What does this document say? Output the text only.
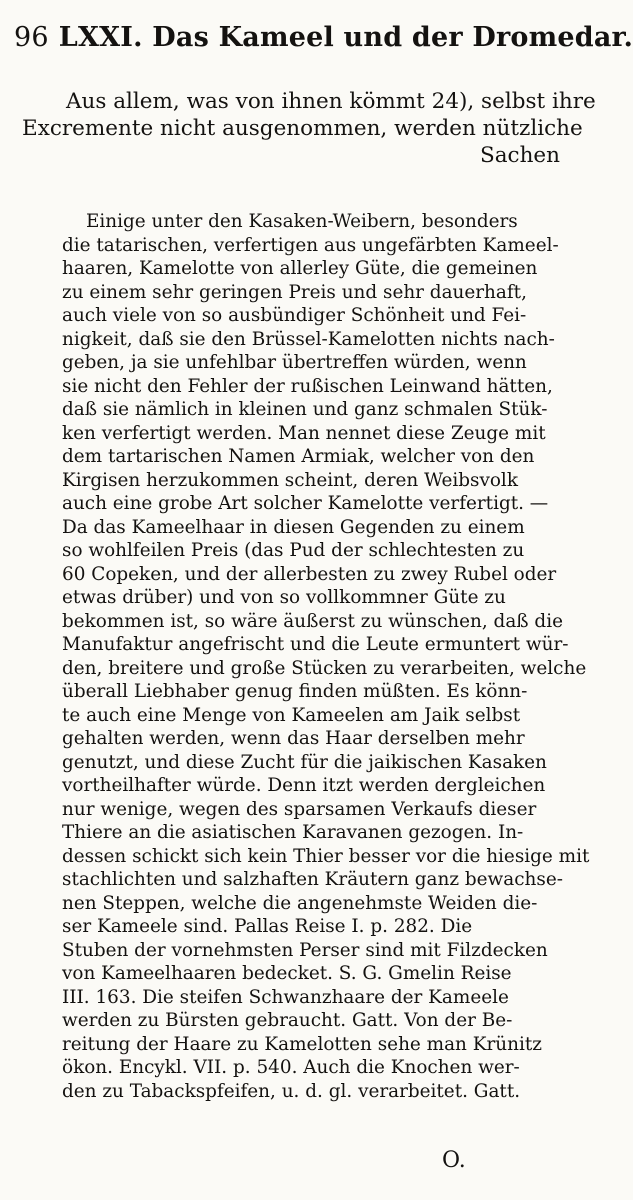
96 LXXI. Das Kameel und der Dromedar.
Aus allem, was von ihnen kömmt 24), selbst ihre
Excremente nicht ausgenommen, werden nützliche
Sachen
Einige unter den Kasaken-Weibern, besonders
die tatarischen, verfertigen aus ungefärbten Kameel-
haaren, Kamelotte von allerley Güte, die gemeinen
zu einem sehr geringen Preis und sehr dauerhaft,
auch viele von so ausbündiger Schönheit und Fei-
nigkeit, daß sie den Brüssel-Kamelotten nichts nach-
geben, ja sie unfehlbar übertreffen würden, wenn
sie nicht den Fehler der rußischen Leinwand hätten,
daß sie nämlich in kleinen und ganz schmalen Stük-
ken verfertigt werden. Man nennet diese Zeuge mit
dem tartarischen Namen Armiak, welcher von den
Kirgisen herzukommen scheint, deren Weibsvolk
auch eine grobe Art solcher Kamelotte verfertigt. —
Da das Kameelhaar in diesen Gegenden zu einem
so wohlfeilen Preis (das Pud der schlechtesten zu
60 Copeken, und der allerbesten zu zwey Rubel oder
etwas drüber) und von so vollkommner Güte zu
bekommen ist, so wäre äußerst zu wünschen, daß die
Manufaktur angefrischt und die Leute ermuntert wür-
den, breitere und große Stücken zu verarbeiten, welche
überall Liebhaber genug finden müßten. Es könn-
te auch eine Menge von Kameelen am Jaik selbst
gehalten werden, wenn das Haar derselben mehr
genutzt, und diese Zucht für die jaikischen Kasaken
vortheilhafter würde. Denn itzt werden dergleichen
nur wenige, wegen des sparsamen Verkaufs dieser
Thiere an die asiatischen Karavanen gezogen. In-
dessen schickt sich kein Thier besser vor die hiesige mit
stachlichten und salzhaften Kräutern ganz bewachse-
nen Steppen, welche die angenehmste Weiden die-
ser Kameele sind. Pallas Reise I. p. 282. Die
Stuben der vornehmsten Perser sind mit Filzdecken
von Kameelhaaren bedecket. S. G. Gmelin Reise
III. 163. Die steifen Schwanzhaare der Kameele
werden zu Bürsten gebraucht. Gatt. Von der Be-
reitung der Haare zu Kamelotten sehe man Krünitz
ökon. Encykl. VII. p. 540. Auch die Knochen wer-
den zu Tabackspfeifen, u. d. gl. verarbeitet. Gatt.
O.
